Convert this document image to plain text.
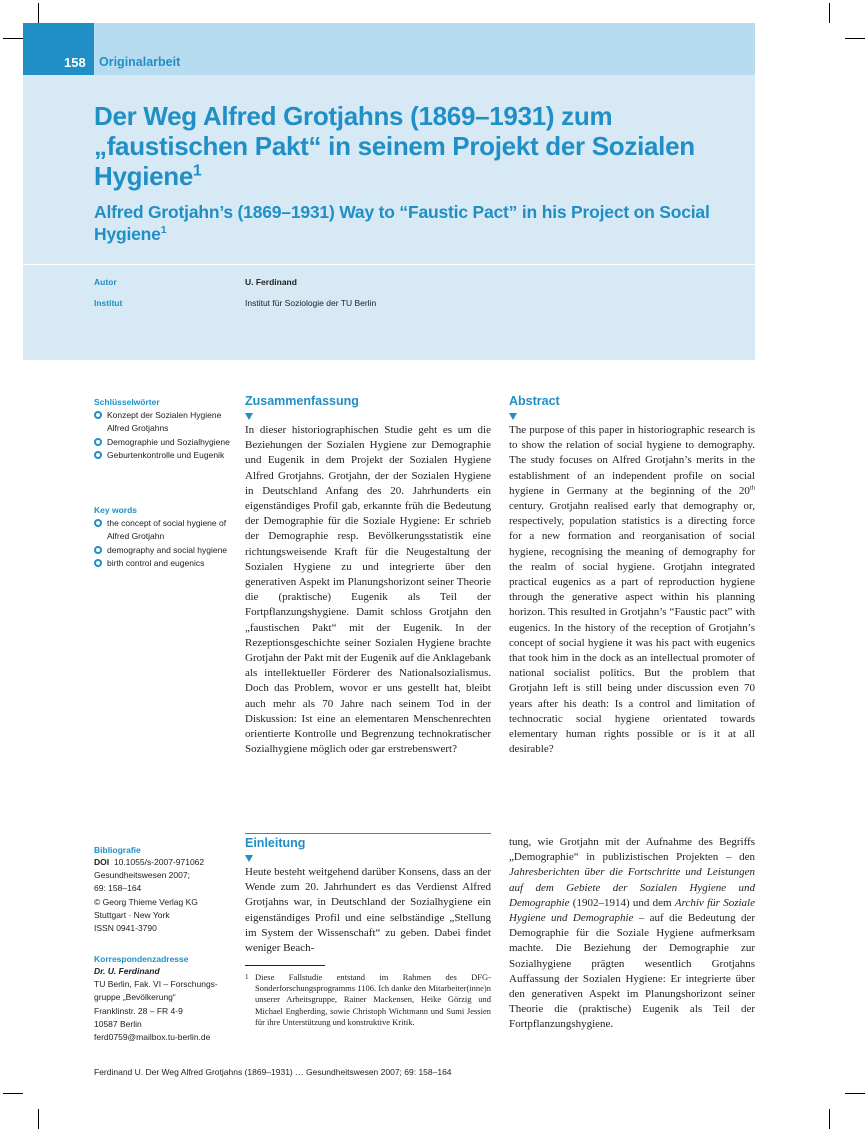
158 Originalarbeit
Der Weg Alfred Grotjahns (1869–1931) zum „faustischen Pakt“ in seinem Projekt der Sozialen Hygiene$^1$
Alfred Grotjahn’s (1869–1931) Way to “Faustic Pact” in his Project on Social Hygiene$^1$
Autor	U. Ferdinand
Institut	Institut für Soziologie der TU Berlin
Schlüsselwörter
Konzept der Sozialen Hygiene Alfred Grotjahns
Demographie und Sozialhygiene
Geburtenkontrolle und Eugenik
Key words
the concept of social hygiene of Alfred Grotjahn
demography and social hygiene
birth control and eugenics
Zusammenfassung

In dieser historiographischen Studie geht es um die Beziehungen der Sozialen Hygiene zur Demographie und Eugenik in dem Projekt der Sozialen Hygiene Alfred Grotjahns. Grotjahn, der der Sozialen Hygiene in Deutschland Anfang des 20. Jahrhunderts ein eigenständiges Profil gab, erkannte früh die Bedeutung der Demographie für die Soziale Hygiene: Er schrieb der Demographie resp. Bevölkerungsstatistik eine richtungsweisende Kraft für die Neugestaltung der Sozialen Hygiene zu und integrierte über den generativen Aspekt im Planungshorizont seiner Theorie die (praktische) Eugenik als Teil der Fortpflanzungshygiene. Damit schloss Grotjahn den „faustischen Pakt“ mit der Eugenik. In der Rezeptionsgeschichte seiner Sozialen Hygiene brachte Grotjahn der Pakt mit der Eugenik auf die Anklagebank als intellektueller Förderer des Nationalsozialismus. Doch das Problem, wovor er uns gestellt hat, bleibt auch mehr als 70 Jahre nach seinem Tod in der Diskussion: Ist eine an elementaren Menschenrechten orientierte Kontrolle und Begrenzung technokratischer Sozialhygiene möglich oder gar erstrebenswert?

Abstract

The purpose of this paper in historiographic research is to show the relation of social hygiene to demography. The study focuses on Alfred Grotjahn’s merits in the establishment of an independent profile on social hygiene in Germany at the beginning of the 20th century. Grotjahn realised early that demography or, respectively, population statistics is a directing force for a new formation and reorganisation of social hygiene, recognising the meaning of demography for the realm of social hygiene. Grotjahn integrated practical eugenics as a part of reproduction hygiene through the generative aspect within his planning horizon. This resulted in Grotjahn’s “Faustic pact” with eugenics. In the history of the reception of Grotjahn’s concept of social hygiene it was his pact with eugenics that took him in the dock as an intellectual promoter of national socialist politics. But the problem that Grotjahn left is still being under discussion even 70 years after his death: Is a control and limitation of technocratic social hygiene orientated towards elementary human rights possible or is it at all desirable?

Einleitung

Heute besteht weitgehend darüber Konsens, dass an der Wende zum 20. Jahrhundert es das Verdienst Alfred Grotjahns war, in Deutschland der Sozialhygiene ein eigenständiges Profil und eine selbständige „Stellung im System der Wissenschaft“ zu geben. Dabei findet weniger Beach-

tung, wie Grotjahn mit der Aufnahme des Begriffs „Demographie“ in publizistischen Projekten – den Jahresberichten über die Fortschritte und Leistungen auf dem Gebiete der Sozialen Hygiene und Demographie (1902–1914) und dem Archiv für Soziale Hygiene und Demographie – auf die Bedeutung der Demographie für die Soziale Hygiene aufmerksam machte. Die Beziehung der Demographie zur Sozialhygiene prägten wesentlich Grotjahns Auffassung der Sozialen Hygiene: Er integrierte über den generativen Aspekt im Planungshorizont seiner Theorie die (praktische) Eugenik als Teil der Fortpflanzungshygiene.

1 Diese Fallstudie entstand im Rahmen des DFG-Sonderforschungsprogramms 1106. Ich danke den Mitarbeiter(inne)n unserer Arbeitsgruppe, Rainer Mackensen, Heike Görzig und Michael Engberding, sowie Christoph Wichtmann und Sumi Jessien für ihre Unterstützung und konstruktive Kritik.
Bibliografie
DOI 10.1055/s-2007-971062
Gesundheitswesen 2007;
69: 158–164
© Georg Thieme Verlag KG
Stuttgart · New York
ISSN 0941-3790
Korrespondenzadresse
Dr. U. Ferdinand
TU Berlin, Fak. VI – Forschungs-
gruppe „Bevölkerung“
Franklinstr. 28 – FR 4-9
10587 Berlin
ferd0759@mailbox.tu-berlin.de
Ferdinand U. Der Weg Alfred Grotjahns (1869–1931) … Gesundheitswesen 2007; 69: 158–164
